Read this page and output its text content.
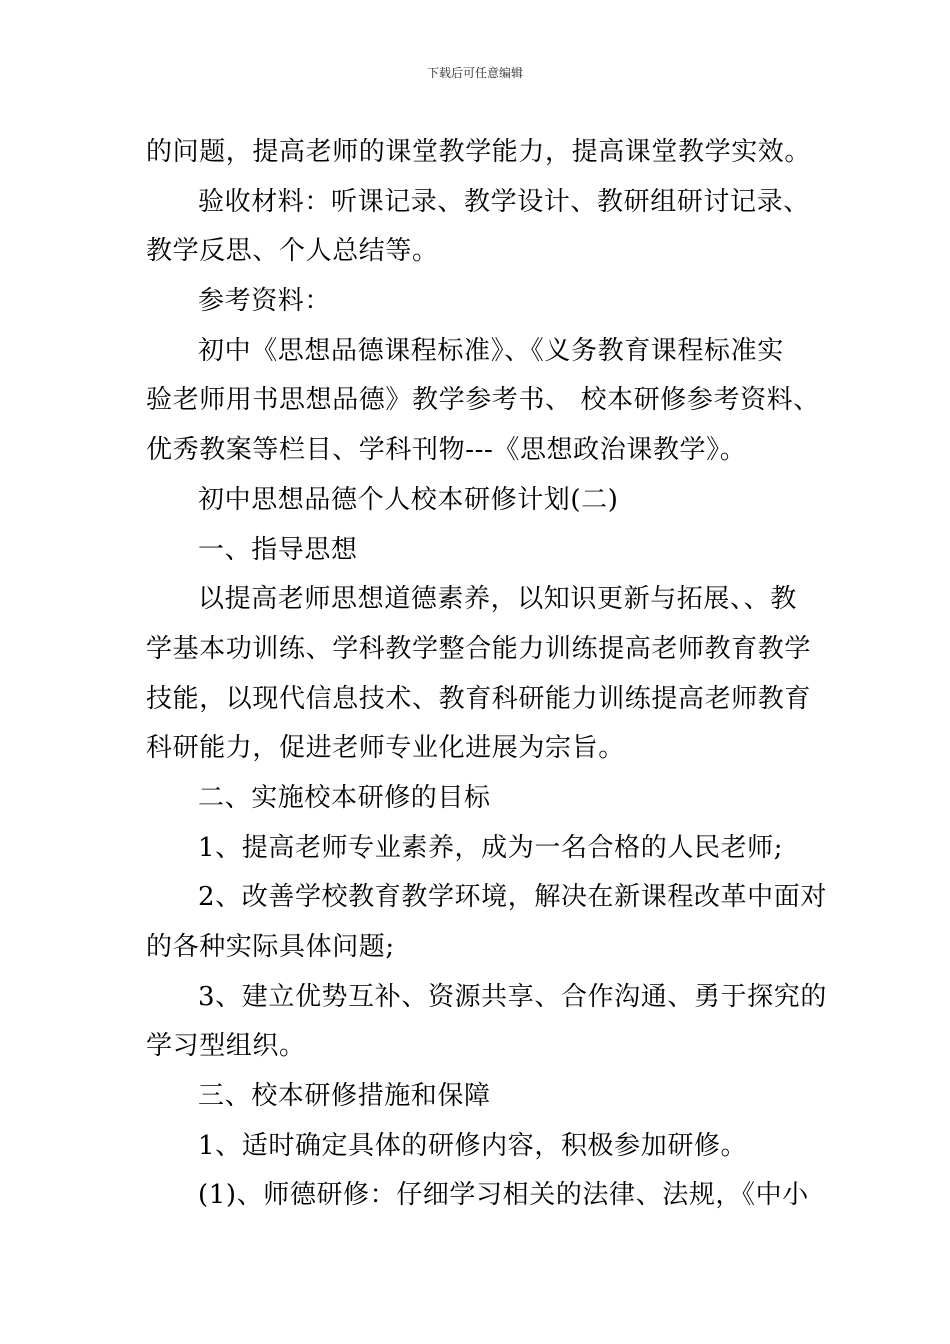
下载后可任意编辑
的问题，提高老师的课堂教学能力，提高课堂教学实效。
验收材料：听课记录、教学设计、教研组研讨记录、
教学反思、个人总结等。
参考资料：
初中《思想品德课程标准》、《义务教育课程标准实
验老师用书思想品德》教学参考书、 校本研修参考资料、
优秀教案等栏目、学科刊物---《思想政治课教学》。
初中思想品德个人校本研修计划(二)
一、指导思想
以提高老师思想道德素养，以知识更新与拓展、、教
学基本功训练、学科教学整合能力训练提高老师教育教学
技能，以现代信息技术、教育科研能力训练提高老师教育
科研能力，促进老师专业化进展为宗旨。
二、实施校本研修的目标
1、提高老师专业素养，成为一名合格的人民老师;
2、改善学校教育教学环境，解决在新课程改革中面对
的各种实际具体问题;
3、建立优势互补、资源共享、合作沟通、勇于探究的
学习型组织。
三、校本研修措施和保障
1、适时确定具体的研修内容，积极参加研修。
(1)、师德研修：仔细学习相关的法律、法规，《中小
